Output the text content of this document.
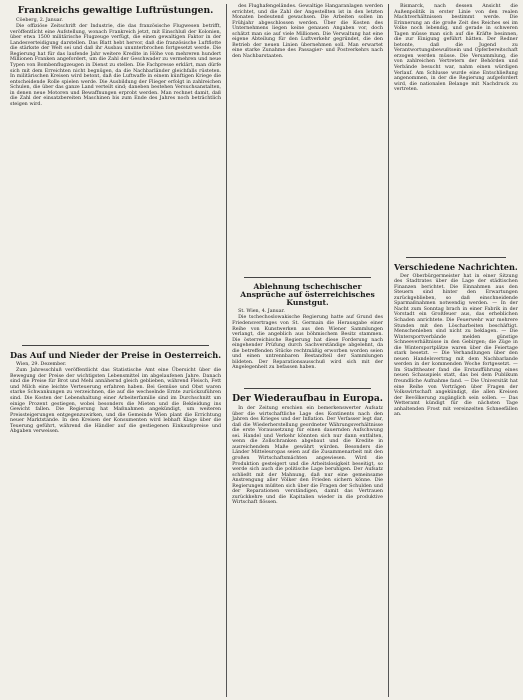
Frankreichs gewaltige Luftrüstungen.
Cöeberg, 2. Januar.
Die offiziöse Zeitschrift der Industrie, die das französische Flugwesen betrifft, veröffentlicht eine Aufstellung, wonach Frankreich jetzt, mit Einschluß der Kolonien, über etwa 1500 militärische Flugzeuge verfügt, die einen gewaltigen Faktor in der Landesverteidigung darstellen. Das Blatt hebt hervor, daß die französische Luftflotte die stärkste der Welt sei und daß ihr Ausbau ununterbrochen fortgesetzt werde. Die Regierung hat für das laufende Jahr weitere Kredite in Höhe von mehreren hundert Millionen Franken angefordert, um die Zahl der Geschwader zu vermehren und neue Typen von Bombenflugzeugen in Dienst zu stellen. Die Fachpresse erklärt, man dürfe sich mit dem Erreichten nicht begnügen, da die Nachbarländer gleichfalls rüsteten. In militärischen Kreisen wird betont, daß die Luftwaffe in einem künftigen Kriege die entscheidende Rolle spielen werde. Die Ausbildung der Flieger erfolgt in zahlreichen Schulen, die über das ganze Land verteilt sind; daneben bestehen Versuchsanstalten, in denen neue Motoren und Bewaffnungen erprobt werden. Man rechnet damit, daß die Zahl der einsatzbereiten Maschinen bis zum Ende des Jahres noch beträchtlich steigen wird.
Das Auf und Nieder der Preise in Oesterreich.
Wien, 29. Dezember.
Zum Jahresschluß veröffentlicht das Statistische Amt eine Übersicht über die Bewegung der Preise der wichtigsten Lebensmittel im abgelaufenen Jahre. Danach sind die Preise für Brot und Mehl annähernd gleich geblieben, während Fleisch, Fett und Milch eine leichte Verteuerung erfahren haben. Bei Gemüse und Obst waren starke Schwankungen zu verzeichnen, die auf die wechselnde Ernte zurückzuführen sind. Die Kosten der Lebenshaltung einer Arbeiterfamilie sind im Durchschnitt um einige Prozent gestiegen, wobei besonders die Mieten und die Bekleidung ins Gewicht fallen. Die Regierung hat Maßnahmen angekündigt, um weiteren Preissteigerungen entgegenzuwirken, und die Gemeinde Wien plant die Errichtung neuer Marktstände. In den Kreisen der Konsumenten wird lebhaft Klage über die Teuerung geführt, während die Händler auf die gestiegenen Einkaufspreise und Abgaben verweisen.
des Flughafengeländes. Gewaltige Hangaranlagen werden errichtet, und die Zahl der Angestellten ist in den letzten Monaten bedeutend gewachsen. Die Arbeiten sollen im Frühjahr abgeschlossen werden. Über die Kosten des Unternehmens liegen keine genauen Angaben vor, doch schätzt man sie auf viele Millionen. Die Verwaltung hat eine eigene Abteilung für den Luftverkehr gegründet, die den Betrieb der neuen Linien übernehmen soll. Man erwartet eine starke Zunahme des Passagier- und Postverkehrs nach den Nachbarstaaten.
Ablehnung tschechischer Ansprüche auf österreichisches Kunstgut.
St. Wien, 4. Januar.
Die tschechoslowakische Regierung hatte auf Grund des Friedensvertrages von St. Germain die Herausgabe einer Reihe von Kunstwerken aus den Wiener Sammlungen verlangt, die angeblich aus böhmischem Besitz stammen. Die österreichische Regierung hat diese Forderung nach eingehender Prüfung durch Sachverständige abgelehnt, da die betreffenden Stücke rechtmäßig erworben worden seien und einen untrennbaren Bestandteil der Sammlungen bildeten. Der Reparationsausschuß wird sich mit der Angelegenheit zu befassen haben.
Der Wiederaufbau in Europa.
In der Zeitung erschien ein bemerkenswerter Aufsatz über die wirtschaftliche Lage des Kontinents nach den Jahren des Krieges und der Inflation. Der Verfasser legt dar, daß die Wiederherstellung geordneter Währungsverhältnisse die erste Voraussetzung für einen dauernden Aufschwung sei. Handel und Verkehr könnten sich nur dann entfalten, wenn die Zollschranken abgebaut und die Kredite in ausreichendem Maße gewährt würden. Besonders die Länder Mitteleuropas seien auf die Zusammenarbeit mit den großen Wirtschaftsmächten angewiesen. Wird die Produktion gesteigert und die Arbeitslosigkeit beseitigt, so werde sich auch die politische Lage beruhigen. Der Aufsatz schließt mit der Mahnung, daß nur eine gemeinsame Anstrengung aller Völker den Frieden sichern könne. Die Regierungen müßten sich über die Fragen der Schulden und der Reparationen verständigen, damit das Vertrauen zurückkehre und die Kapitalien wieder in die produktive Wirtschaft flössen.
Bismarck, nach dessen Ansicht die Außenpolitik in erster Linie von den realen Machtverhältnissen bestimmt werde. Die Erinnerung an die große Zeit des Reiches sei im Volke noch lebendig, und gerade in schweren Tagen müsse man sich auf die Kräfte besinnen, die zur Einigung geführt hätten. Der Redner betonte, daß die Jugend zu Verantwortungsbewußtsein und Opferbereitschaft erzogen werden müsse. Die Versammlung, die von zahlreichen Vertretern der Behörden und Verbände besucht war, nahm einen würdigen Verlauf. Am Schlusse wurde eine Entschließung angenommen, in der die Regierung aufgefordert wird, die nationalen Belange mit Nachdruck zu vertreten.
Verschiedene Nachrichten.
Der Oberbürgermeister hat in einer Sitzung des Stadtrates über die Lage der städtischen Finanzen berichtet. Die Einnahmen aus den Steuern sind hinter den Erwartungen zurückgeblieben, so daß einschneidende Sparmaßnahmen notwendig werden. — In der Nacht zum Sonntag brach in einer Fabrik in der Vorstadt ein Großfeuer aus, das erheblichen Schaden anrichtete. Die Feuerwehr war mehrere Stunden mit den Löscharbeiten beschäftigt. Menschenleben sind nicht zu beklagen. — Die Wintersportverbände melden günstige Schneeverhältnisse in den Gebirgen; die Züge in die Wintersportplätze waren über die Feiertage stark besetzt. — Die Verhandlungen über den neuen Handelsvertrag mit dem Nachbarlande werden in der kommenden Woche fortgesetzt. — Im Stadttheater fand die Erstaufführung eines neuen Schauspiels statt, das bei dem Publikum freundliche Aufnahme fand. — Die Universität hat eine Reihe von Vorträgen über Fragen der Volkswirtschaft angekündigt, die allen Kreisen der Bevölkerung zugänglich sein sollen. — Das Wetteramt kündigt für die nächsten Tage anhaltenden Frost mit vereinzelten Schneefällen an.
